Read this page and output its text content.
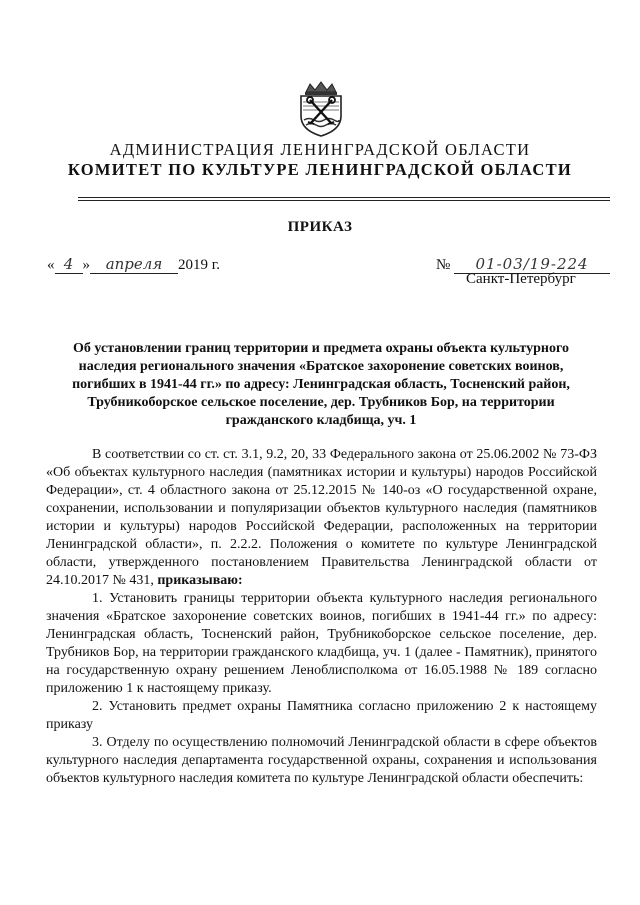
АДМИНИСТРАЦИЯ ЛЕНИНГРАДСКОЙ ОБЛАСТИ
КОМИТЕТ ПО КУЛЬТУРЕ ЛЕНИНГРАДСКОЙ ОБЛАСТИ
ПРИКАЗ
« 4 » апреля 2019 г.	№ 01-03/19-224
Санкт-Петербург
Об установлении границ территории и предмета охраны объекта культурного наследия регионального значения «Братское захоронение советских воинов, погибших в 1941-44 гг.» по адресу: Ленинградская область, Тосненский район, Трубникоборское сельское поселение, дер. Трубников Бор, на территории гражданского кладбища, уч. 1

В соответствии со ст. ст. 3.1, 9.2, 20, 33 Федерального закона от 25.06.2002 № 73-ФЗ «Об объектах культурного наследия (памятниках истории и культуры) народов Российской Федерации», ст. 4 областного закона от 25.12.2015 № 140-оз «О государственной охране, сохранении, использовании и популяризации объектов культурного наследия (памятников истории и культуры) народов Российской Федерации, расположенных на территории Ленинградской области», п. 2.2.2. Положения о комитете по культуре Ленинградской области, утвержденного постановлением Правительства Ленинградской области от 24.10.2017 № 431, приказываю:

1. Установить границы территории объекта культурного наследия регионального значения «Братское захоронение советских воинов, погибших в 1941-44 гг.» по адресу: Ленинградская область, Тосненский район, Трубникоборское сельское поселение, дер. Трубников Бор, на территории гражданского кладбища, уч. 1 (далее - Памятник), принятого на государственную охрану решением Леноблисполкома от 16.05.1988 № 189 согласно приложению 1 к настоящему приказу.

2. Установить предмет охраны Памятника согласно приложению 2 к настоящему приказу

3. Отделу по осуществлению полномочий Ленинградской области в сфере объектов культурного наследия департамента государственной охраны, сохранения и использования объектов культурного наследия комитета по культуре Ленинградской области обеспечить:
